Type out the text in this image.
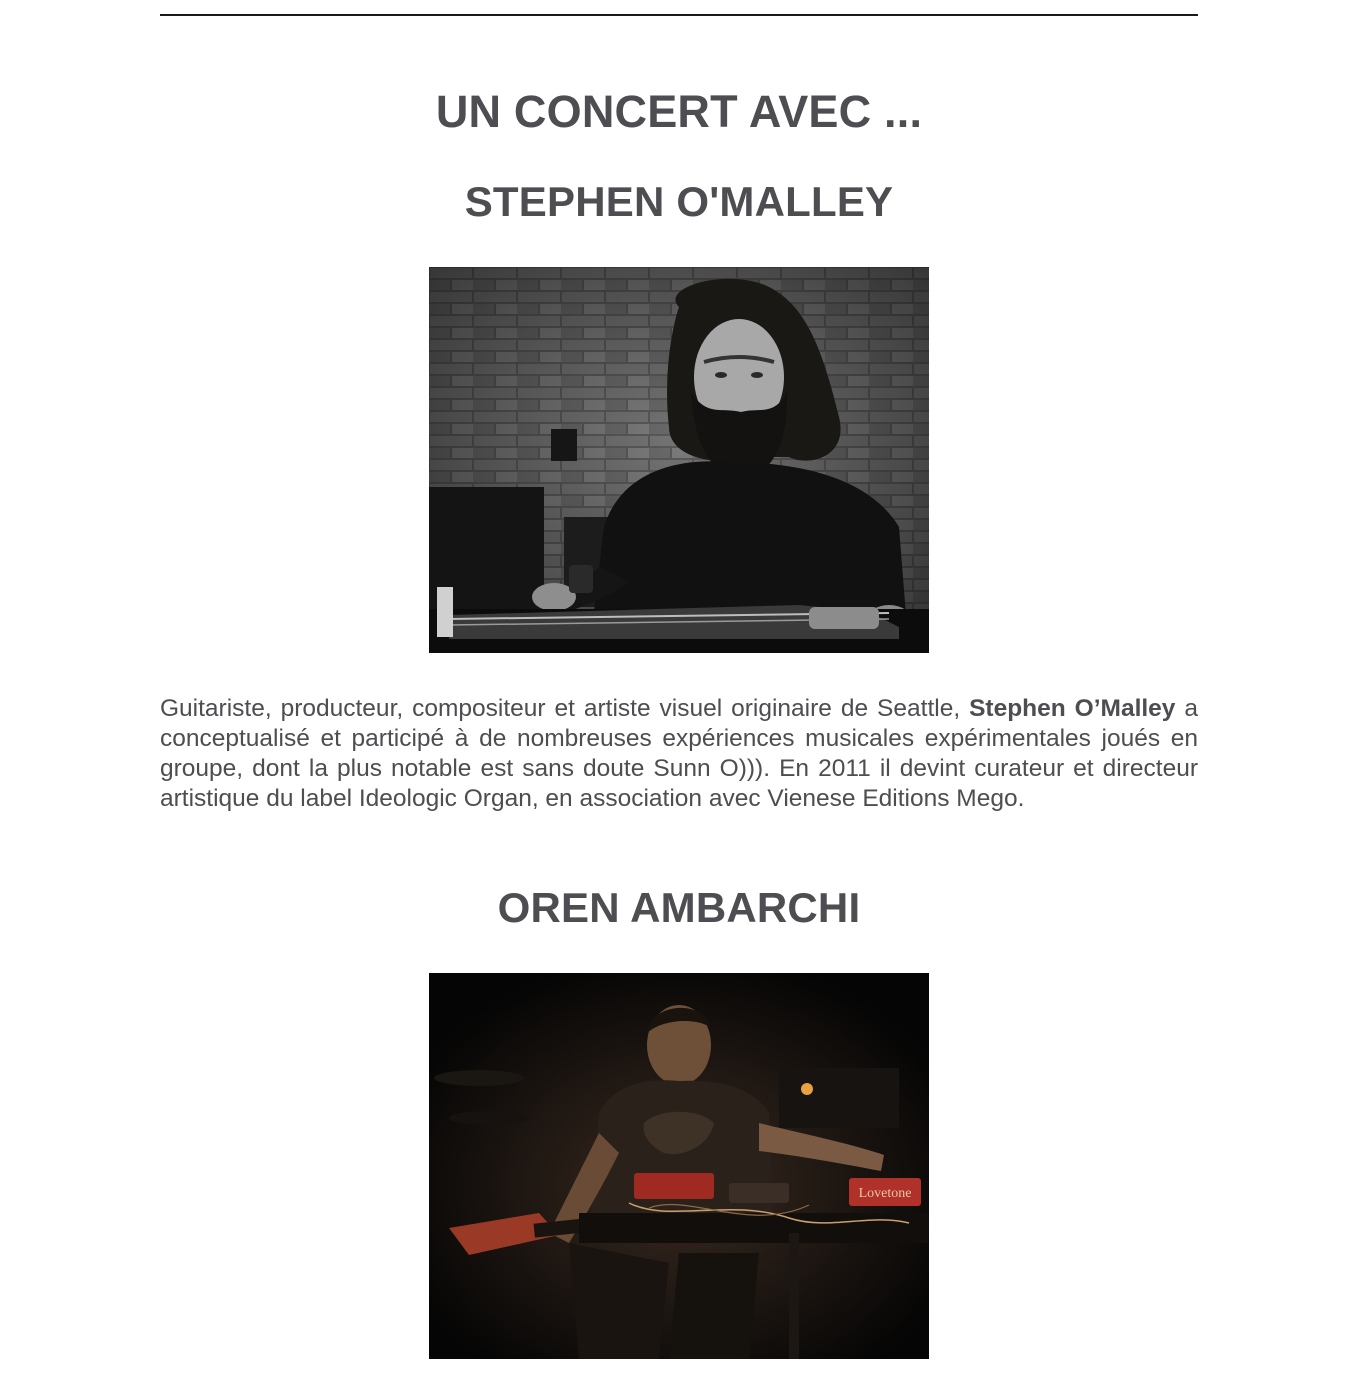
UN CONCERT AVEC ...
STEPHEN O'MALLEY

Guitariste, producteur, compositeur et artiste visuel originaire de Seattle, Stephen O’Malley a conceptualisé et participé à de nombreuses expériences musicales expérimentales joués en groupe, dont la plus notable est sans doute Sunn O))). En 2011 il devint curateur et directeur artistique du label Ideologic Organ, en association avec Vienese Editions Mego.

OREN AMBARCHI
Lovetone
